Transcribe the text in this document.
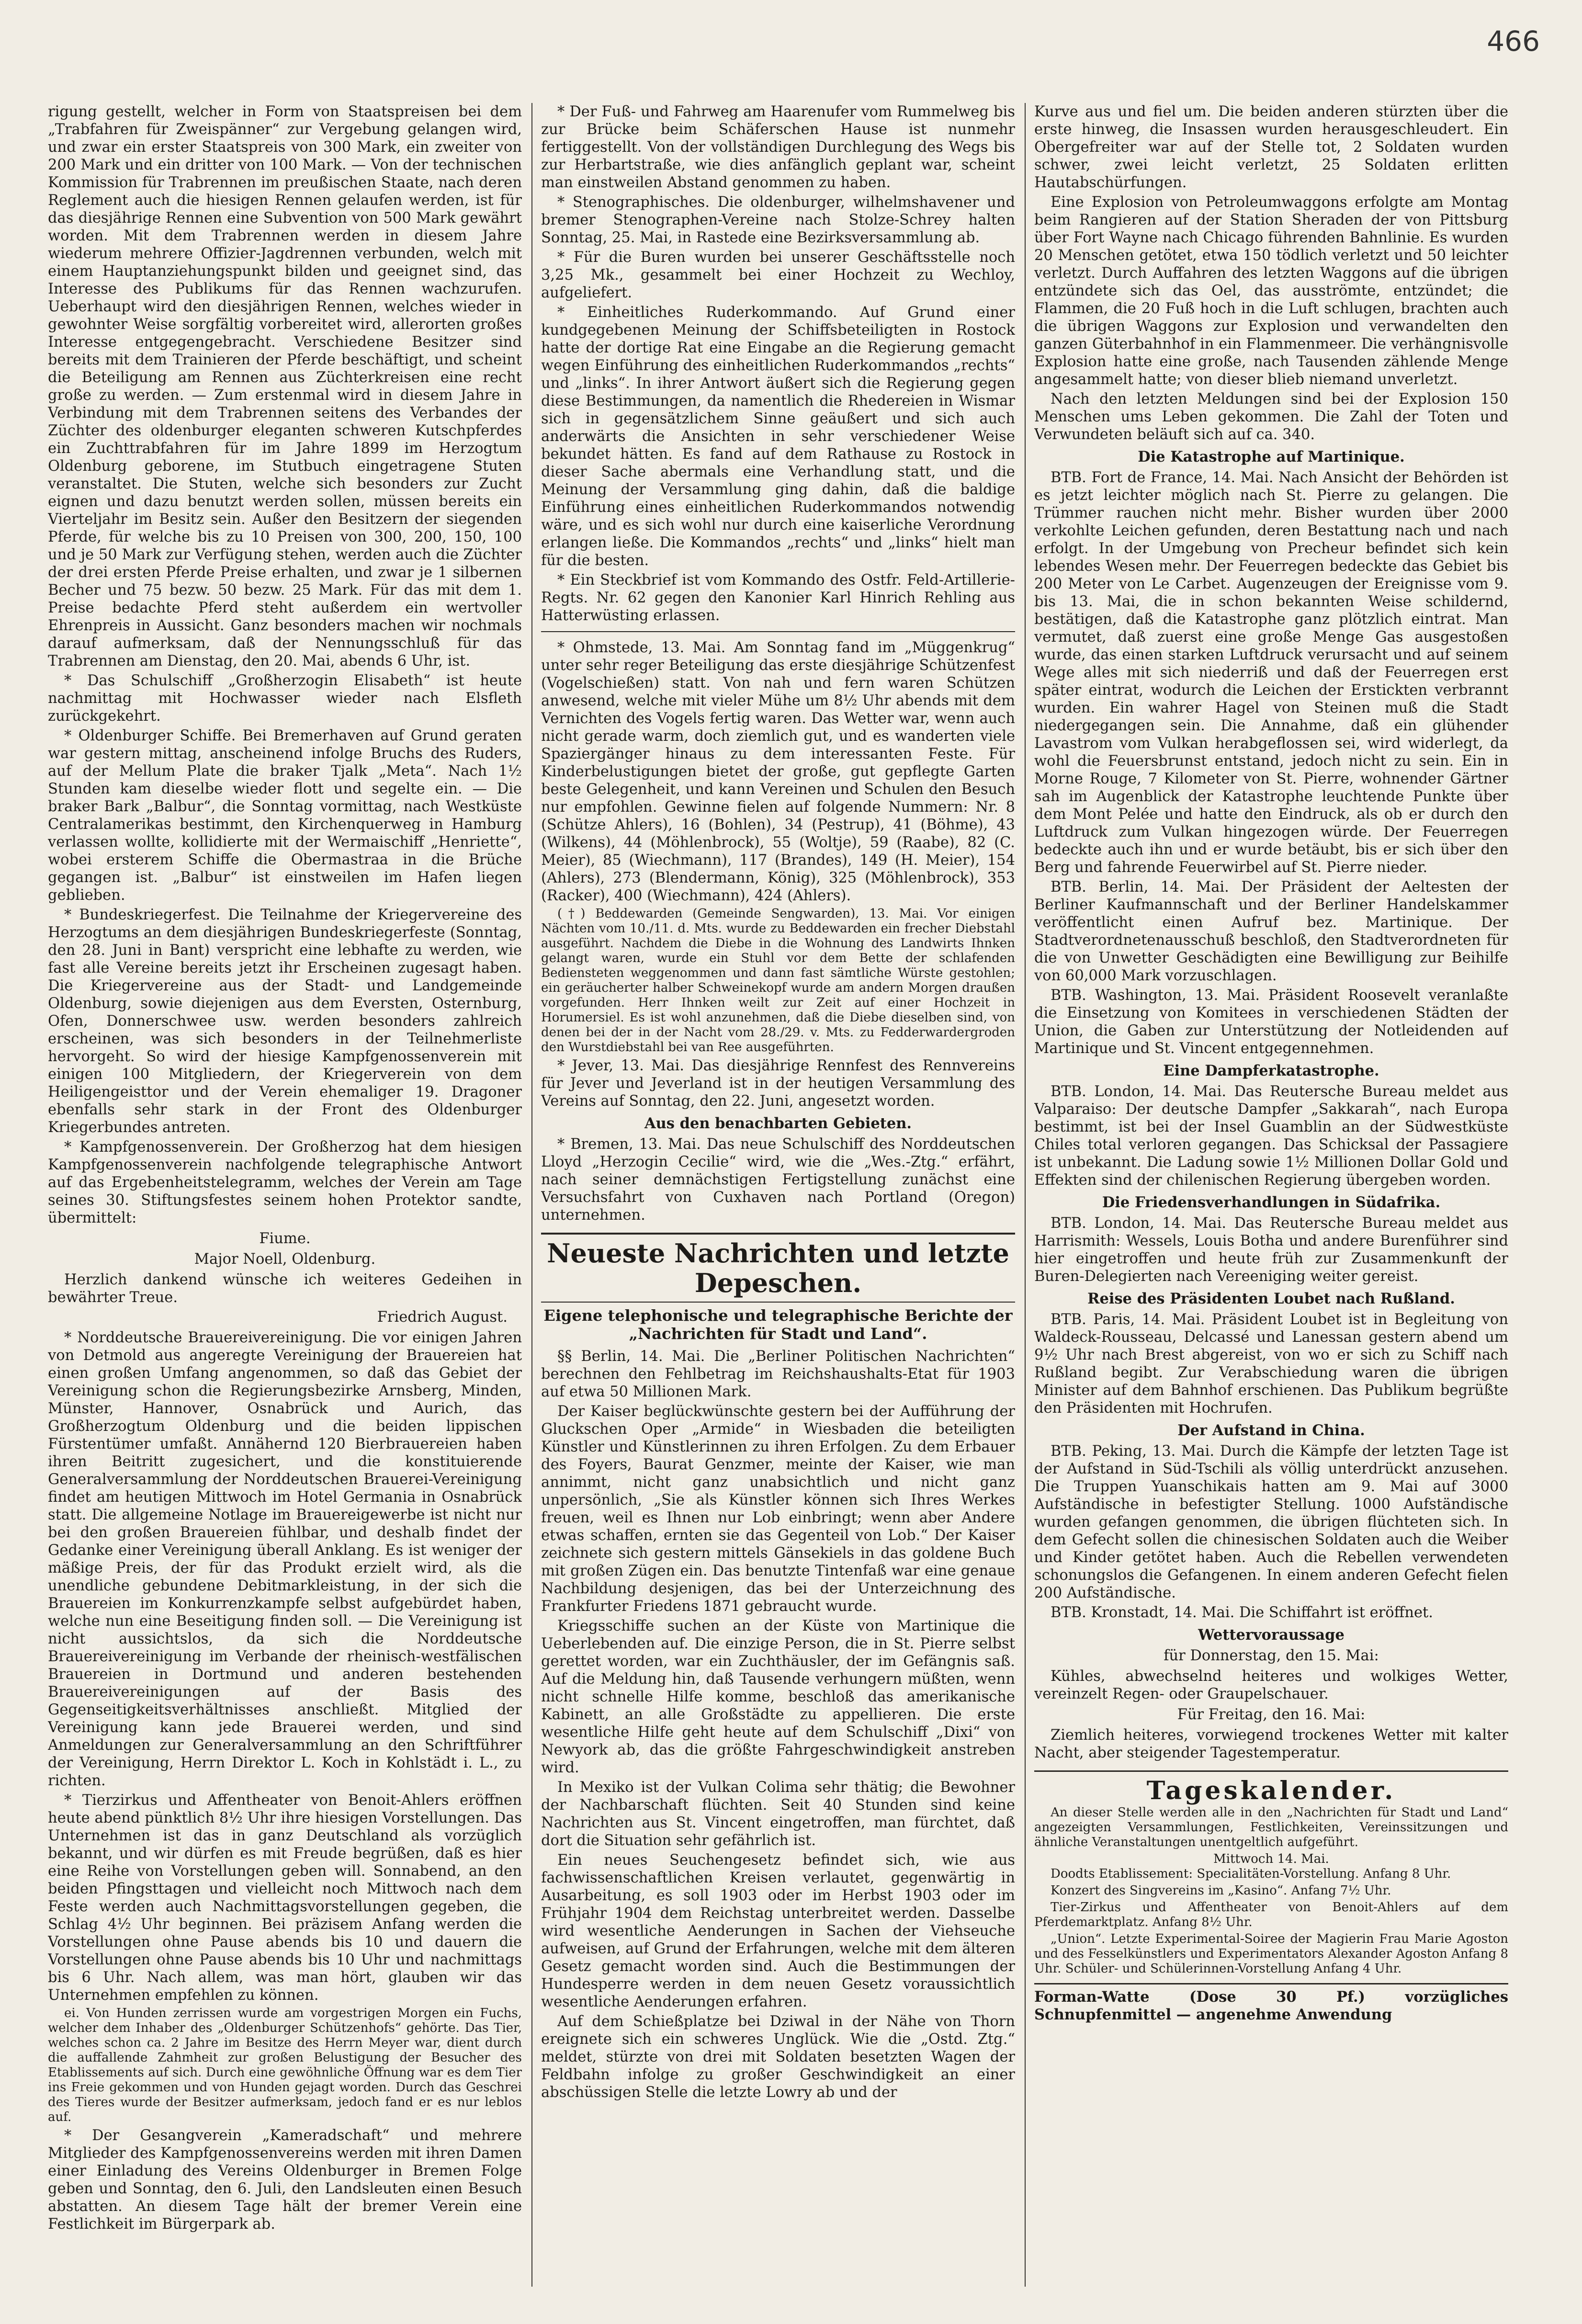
466

rigung gestellt, welcher in Form von Staatspreisen bei dem „Trabfahren für Zweispänner“ zur Vergebung gelangen wird, und zwar ein erster Staatspreis von 300 Mark, ein zweiter von 200 Mark und ein dritter von 100 Mark. — Von der technischen Kommission für Trabrennen im preußischen Staate, nach deren Reglement auch die hiesigen Rennen gelaufen werden, ist für das diesjährige Rennen eine Subvention von 500 Mark gewährt worden. Mit dem Trabrennen werden in diesem Jahre wiederum mehrere Offizier-Jagdrennen verbunden, welch mit einem Hauptanziehungspunkt bilden und geeignet sind, das Interesse des Publikums für das Rennen wachzurufen. Ueberhaupt wird den diesjährigen Rennen, welches wieder in gewohnter Weise sorgfältig vorbereitet wird, allerorten großes Interesse entgegengebracht. Verschiedene Besitzer sind bereits mit dem Trainieren der Pferde beschäftigt, und scheint die Beteiligung am Rennen aus Züchterkreisen eine recht große zu werden. — Zum erstenmal wird in diesem Jahre in Verbindung mit dem Trabrennen seitens des Verbandes der Züchter des oldenburger eleganten schweren Kutschpferdes ein Zuchttrabfahren für im Jahre 1899 im Herzogtum Oldenburg geborene, im Stutbuch eingetragene Stuten veranstaltet. Die Stuten, welche sich besonders zur Zucht eignen und dazu benutzt werden sollen, müssen bereits ein Vierteljahr im Besitz sein. Außer den Besitzern der siegenden Pferde, für welche bis zu 10 Preisen von 300, 200, 150, 100 und je 50 Mark zur Verfügung stehen, werden auch die Züchter der drei ersten Pferde Preise erhalten, und zwar je 1 silbernen Becher und 75 bezw. 50 bezw. 25 Mark. Für das mit dem 1. Preise bedachte Pferd steht außerdem ein wertvoller Ehrenpreis in Aussicht. Ganz besonders machen wir nochmals darauf aufmerksam, daß der Nennungsschluß für das Trabrennen am Dienstag, den 20. Mai, abends 6 Uhr, ist.

* Das Schulschiff „Großherzogin Elisabeth“ ist heute nachmittag mit Hochwasser wieder nach Elsfleth zurückgekehrt.

* Oldenburger Schiffe. Bei Bremerhaven auf Grund geraten war gestern mittag, anscheinend infolge Bruchs des Ruders, auf der Mellum Plate die braker Tjalk „Meta“. Nach 1½ Stunden kam dieselbe wieder flott und segelte ein. — Die braker Bark „Balbur“, die Sonntag vormittag, nach Westküste Centralamerikas bestimmt, den Kirchenquerweg in Hamburg verlassen wollte, kollidierte mit der Wermaischiff „Henriette“, wobei ersterem Schiffe die Obermastraa in die Brüche gegangen ist. „Balbur“ ist einstweilen im Hafen liegen geblieben.

* Bundeskriegerfest. Die Teilnahme der Kriegervereine des Herzogtums an dem diesjährigen Bundeskriegerfeste (Sonntag, den 28. Juni in Bant) verspricht eine lebhafte zu werden, wie fast alle Vereine bereits jetzt ihr Erscheinen zugesagt haben. Die Kriegervereine aus der Stadt- und Landgemeinde Oldenburg, sowie diejenigen aus dem Eversten, Osternburg, Ofen, Donnerschwee usw. werden besonders zahlreich erscheinen, was sich besonders in der Teilnehmerliste hervorgeht. So wird der hiesige Kampfgenossenverein mit einigen 100 Mitgliedern, der Kriegerverein von dem Heiligengeisttor und der Verein ehemaliger 19. Dragoner ebenfalls sehr stark in der Front des Oldenburger Kriegerbundes antreten.

* Kampfgenossenverein. Der Großherzog hat dem hiesigen Kampfgenossenverein nachfolgende telegraphische Antwort auf das Ergebenheitstelegramm, welches der Verein am Tage seines 30. Stiftungsfestes seinem hohen Protektor sandte, übermittelt:

Fiume.
Major Noell, Oldenburg.

Herzlich dankend wünsche ich weiteres Gedeihen in bewährter Treue.

Friedrich August.

* Norddeutsche Brauereivereinigung. Die vor einigen Jahren von Detmold aus angeregte Vereinigung der Brauereien hat einen großen Umfang angenommen, so daß das Gebiet der Vereinigung schon die Regierungsbezirke Arnsberg, Minden, Münster, Hannover, Osnabrück und Aurich, das Großherzogtum Oldenburg und die beiden lippischen Fürstentümer umfaßt. Annähernd 120 Bierbrauereien haben ihren Beitritt zugesichert, und die konstituierende Generalversammlung der Norddeutschen Brauerei-Vereinigung findet am heutigen Mittwoch im Hotel Germania in Osnabrück statt. Die allgemeine Notlage im Brauereigewerbe ist nicht nur bei den großen Brauereien fühlbar, und deshalb findet der Gedanke einer Vereinigung überall Anklang. Es ist weniger der mäßige Preis, der für das Produkt erzielt wird, als die unendliche gebundene Debitmarkleistung, in der sich die Brauereien im Konkurrenzkampfe selbst aufgebürdet haben, welche nun eine Beseitigung finden soll. — Die Vereinigung ist nicht aussichtslos, da sich die Norddeutsche Brauereivereinigung im Verbande der rheinisch-westfälischen Brauereien in Dortmund und anderen bestehenden Brauereivereinigungen auf der Basis des Gegenseitigkeitsverhältnisses anschließt. Mitglied der Vereinigung kann jede Brauerei werden, und sind Anmeldungen zur Generalversammlung an den Schriftführer der Vereinigung, Herrn Direktor L. Koch in Kohlstädt i. L., zu richten.

* Tierzirkus und Affentheater von Benoit-Ahlers eröffnen heute abend pünktlich 8½ Uhr ihre hiesigen Vorstellungen. Das Unternehmen ist das in ganz Deutschland als vorzüglich bekannt, und wir dürfen es mit Freude begrüßen, daß es hier eine Reihe von Vorstellungen geben will. Sonnabend, an den beiden Pfingsttagen und vielleicht noch Mittwoch nach dem Feste werden auch Nachmittagsvorstellungen gegeben, die Schlag 4½ Uhr beginnen. Bei präzisem Anfang werden die Vorstellungen ohne Pause abends bis 10 und dauern die Vorstellungen ohne Pause abends bis 10 Uhr und nachmittags bis 6 Uhr. Nach allem, was man hört, glauben wir das Unternehmen empfehlen zu können.

ei. Von Hunden zerrissen wurde am vorgestrigen Morgen ein Fuchs, welcher dem Inhaber des „Oldenburger Schützenhofs“ gehörte. Das Tier, welches schon ca. 2 Jahre im Besitze des Herrn Meyer war, dient durch die auffallende Zahmheit zur großen Belustigung der Besucher des Etablissements auf sich. Durch eine gewöhnliche Öffnung war es dem Tier ins Freie gekommen und von Hunden gejagt worden. Durch das Geschrei des Tieres wurde der Besitzer aufmerksam, jedoch fand er es nur leblos auf.

* Der Gesangverein „Kameradschaft“ und mehrere Mitglieder des Kampfgenossenvereins werden mit ihren Damen einer Einladung des Vereins Oldenburger in Bremen Folge geben und Sonntag, den 6. Juli, den Landsleuten einen Besuch abstatten. An diesem Tage hält der bremer Verein eine Festlichkeit im Bürgerpark ab.

* Der Fuß- und Fahrweg am Haarenufer vom Rummelweg bis zur Brücke beim Schäferschen Hause ist nunmehr fertiggestellt. Von der vollständigen Durchlegung des Wegs bis zur Herbartstraße, wie dies anfänglich geplant war, scheint man einstweilen Abstand genommen zu haben.

* Stenographisches. Die oldenburger, wilhelmshavener und bremer Stenographen-Vereine nach Stolze-Schrey halten Sonntag, 25. Mai, in Rastede eine Bezirksversammlung ab.

* Für die Buren wurden bei unserer Geschäftsstelle noch 3,25 Mk., gesammelt bei einer Hochzeit zu Wechloy, aufgeliefert.

* Einheitliches Ruderkommando. Auf Grund einer kundgegebenen Meinung der Schiffsbeteiligten in Rostock hatte der dortige Rat eine Eingabe an die Regierung gemacht wegen Einführung des einheitlichen Ruderkommandos „rechts“ und „links“. In ihrer Antwort äußert sich die Regierung gegen diese Bestimmungen, da namentlich die Rhedereien in Wismar sich in gegensätzlichem Sinne geäußert und sich auch anderwärts die Ansichten in sehr verschiedener Weise bekundet hätten. Es fand auf dem Rathause zu Rostock in dieser Sache abermals eine Verhandlung statt, und die Meinung der Versammlung ging dahin, daß die baldige Einführung eines einheitlichen Ruderkommandos notwendig wäre, und es sich wohl nur durch eine kaiserliche Verordnung erlangen ließe. Die Kommandos „rechts“ und „links“ hielt man für die besten.

* Ein Steckbrief ist vom Kommando des Ostfr. Feld-Artillerie-Regts. Nr. 62 gegen den Kanonier Karl Hinrich Rehling aus Hatterwüsting erlassen.

* Ohmstede, 13. Mai. Am Sonntag fand im „Müggenkrug“ unter sehr reger Beteiligung das erste diesjährige Schützenfest (Vogelschießen) statt. Von nah und fern waren Schützen anwesend, welche mit vieler Mühe um 8½ Uhr abends mit dem Vernichten des Vogels fertig waren. Das Wetter war, wenn auch nicht gerade warm, doch ziemlich gut, und es wanderten viele Spaziergänger hinaus zu dem interessanten Feste. Für Kinderbelustigungen bietet der große, gut gepflegte Garten beste Gelegenheit, und kann Vereinen und Schulen den Besuch nur empfohlen. Gewinne fielen auf folgende Nummern: Nr. 8 (Schütze Ahlers), 16 (Bohlen), 34 (Pestrup), 41 (Böhme), 43 (Wilkens), 44 (Möhlenbrock), 55 (Woltje), 59 (Raabe), 82 (C. Meier), 85 (Wiechmann), 117 (Brandes), 149 (H. Meier), 154 (Ahlers), 273 (Blendermann, König), 325 (Möhlenbrock), 353 (Racker), 400 (Wiechmann), 424 (Ahlers).

(†) Beddewarden (Gemeinde Sengwarden), 13. Mai. Vor einigen Nächten vom 10./11. d. Mts. wurde zu Beddewarden ein frecher Diebstahl ausgeführt. Nachdem die Diebe in die Wohnung des Landwirts Ihnken gelangt waren, wurde ein Stuhl vor dem Bette der schlafenden Bediensteten weggenommen und dann fast sämtliche Würste gestohlen; ein geräucherter halber Schweinekopf wurde am andern Morgen draußen vorgefunden. Herr Ihnken weilt zur Zeit auf einer Hochzeit in Horumersiel. Es ist wohl anzunehmen, daß die Diebe dieselben sind, von denen bei der in der Nacht vom 28./29. v. Mts. zu Fedderwardergroden den Wurstdiebstahl bei van Ree ausgeführten.

* Jever, 13. Mai. Das diesjährige Rennfest des Rennvereins für Jever und Jeverland ist in der heutigen Versammlung des Vereins auf Sonntag, den 22. Juni, angesetzt worden.

Aus den benachbarten Gebieten.

* Bremen, 13. Mai. Das neue Schulschiff des Norddeutschen Lloyd „Herzogin Cecilie“ wird, wie die „Wes.-Ztg.“ erfährt, nach seiner demnächstigen Fertigstellung zunächst eine Versuchsfahrt von Cuxhaven nach Portland (Oregon) unternehmen.

Neueste Nachrichten und letzte Depeschen.
Eigene telephonische und telegraphische Berichte der „Nachrichten für Stadt und Land“.

§§ Berlin, 14. Mai. Die „Berliner Politischen Nachrichten“ berechnen den Fehlbetrag im Reichshaushalts-Etat für 1903 auf etwa 50 Millionen Mark.

Der Kaiser beglückwünschte gestern bei der Aufführung der Gluckschen Oper „Armide“ in Wiesbaden die beteiligten Künstler und Künstlerinnen zu ihren Erfolgen. Zu dem Erbauer des Foyers, Baurat Genzmer, meinte der Kaiser, wie man annimmt, nicht ganz unabsichtlich und nicht ganz unpersönlich, „Sie als Künstler können sich Ihres Werkes freuen, weil es Ihnen nur Lob einbringt; wenn aber Andere etwas schaffen, ernten sie das Gegenteil von Lob.“ Der Kaiser zeichnete sich gestern mittels Gänsekiels in das goldene Buch mit großen Zügen ein. Das benutzte Tintenfaß war eine genaue Nachbildung desjenigen, das bei der Unterzeichnung des Frankfurter Friedens 1871 gebraucht wurde.

Kriegsschiffe suchen an der Küste von Martinique die Ueberlebenden auf. Die einzige Person, die in St. Pierre selbst gerettet worden, war ein Zuchthäusler, der im Gefängnis saß. Auf die Meldung hin, daß Tausende verhungern müßten, wenn nicht schnelle Hilfe komme, beschloß das amerikanische Kabinett, an alle Großstädte zu appellieren. Die erste wesentliche Hilfe geht heute auf dem Schulschiff „Dixi“ von Newyork ab, das die größte Fahrgeschwindigkeit anstreben wird.

In Mexiko ist der Vulkan Colima sehr thätig; die Bewohner der Nachbarschaft flüchten. Seit 40 Stunden sind keine Nachrichten aus St. Vincent eingetroffen, man fürchtet, daß dort die Situation sehr gefährlich ist.

Ein neues Seuchengesetz befindet sich, wie aus fachwissenschaftlichen Kreisen verlautet, gegenwärtig in Ausarbeitung, es soll 1903 oder im Herbst 1903 oder im Frühjahr 1904 dem Reichstag unterbreitet werden. Dasselbe wird wesentliche Aenderungen in Sachen der Viehseuche aufweisen, auf Grund der Erfahrungen, welche mit dem älteren Gesetz gemacht worden sind. Auch die Bestimmungen der Hundesperre werden in dem neuen Gesetz voraussichtlich wesentliche Aenderungen erfahren.

Auf dem Schießplatze bei Dziwal in der Nähe von Thorn ereignete sich ein schweres Unglück. Wie die „Ostd. Ztg.“ meldet, stürzte von drei mit Soldaten besetzten Wagen der Feldbahn infolge zu großer Geschwindigkeit an einer abschüssigen Stelle die letzte Lowry ab und der

Kurve aus und fiel um. Die beiden anderen stürzten über die erste hinweg, die Insassen wurden herausgeschleudert. Ein Obergefreiter war auf der Stelle tot, 2 Soldaten wurden schwer, zwei leicht verletzt, 25 Soldaten erlitten Hautabschürfungen.

Eine Explosion von Petroleumwaggons erfolgte am Montag beim Rangieren auf der Station Sheraden der von Pittsburg über Fort Wayne nach Chicago führenden Bahnlinie. Es wurden 20 Menschen getötet, etwa 150 tödlich verletzt und 50 leichter verletzt. Durch Auffahren des letzten Waggons auf die übrigen entzündete sich das Oel, das ausströmte, entzündet; die Flammen, die 20 Fuß hoch in die Luft schlugen, brachten auch die übrigen Waggons zur Explosion und verwandelten den ganzen Güterbahnhof in ein Flammenmeer. Die verhängnisvolle Explosion hatte eine große, nach Tausenden zählende Menge angesammelt hatte; von dieser blieb niemand unverletzt.

Nach den letzten Meldungen sind bei der Explosion 150 Menschen ums Leben gekommen. Die Zahl der Toten und Verwundeten beläuft sich auf ca. 340.

Die Katastrophe auf Martinique.

BTB. Fort de France, 14. Mai. Nach Ansicht der Behörden ist es jetzt leichter möglich nach St. Pierre zu gelangen. Die Trümmer rauchen nicht mehr. Bisher wurden über 2000 verkohlte Leichen gefunden, deren Bestattung nach und nach erfolgt. In der Umgebung von Precheur befindet sich kein lebendes Wesen mehr. Der Feuerregen bedeckte das Gebiet bis 200 Meter von Le Carbet. Augenzeugen der Ereignisse vom 9. bis 13. Mai, die in schon bekannten Weise schildernd, bestätigen, daß die Katastrophe ganz plötzlich eintrat. Man vermutet, daß zuerst eine große Menge Gas ausgestoßen wurde, das einen starken Luftdruck verursacht und auf seinem Wege alles mit sich niederriß und daß der Feuerregen erst später eintrat, wodurch die Leichen der Erstickten verbrannt wurden. Ein wahrer Hagel von Steinen muß die Stadt niedergegangen sein. Die Annahme, daß ein glühender Lavastrom vom Vulkan herabgeflossen sei, wird widerlegt, da wohl die Feuersbrunst entstand, jedoch nicht zu sein. Ein in Morne Rouge, 7 Kilometer von St. Pierre, wohnender Gärtner sah im Augenblick der Katastrophe leuchtende Punkte über dem Mont Pelée und hatte den Eindruck, als ob er durch den Luftdruck zum Vulkan hingezogen würde. Der Feuerregen bedeckte auch ihn und er wurde betäubt, bis er sich über den Berg und fahrende Feuerwirbel auf St. Pierre nieder.

BTB. Berlin, 14. Mai. Der Präsident der Aeltesten der Berliner Kaufmannschaft und der Berliner Handelskammer veröffentlicht einen Aufruf bez. Martinique. Der Stadtverordnetenausschuß beschloß, den Stadtverordneten für die von Unwetter Geschädigten eine Bewilligung zur Beihilfe von 60,000 Mark vorzuschlagen.

BTB. Washington, 13. Mai. Präsident Roosevelt veranlaßte die Einsetzung von Komitees in verschiedenen Städten der Union, die Gaben zur Unterstützung der Notleidenden auf Martinique und St. Vincent entgegennehmen.

Eine Dampferkatastrophe.

BTB. London, 14. Mai. Das Reutersche Bureau meldet aus Valparaiso: Der deutsche Dampfer „Sakkarah“, nach Europa bestimmt, ist bei der Insel Guamblin an der Südwestküste Chiles total verloren gegangen. Das Schicksal der Passagiere ist unbekannt. Die Ladung sowie 1½ Millionen Dollar Gold und Effekten sind der chilenischen Regierung übergeben worden.

Die Friedensverhandlungen in Südafrika.

BTB. London, 14. Mai. Das Reutersche Bureau meldet aus Harrismith: Wessels, Louis Botha und andere Burenführer sind hier eingetroffen und heute früh zur Zusammenkunft der Buren-Delegierten nach Vereeniging weiter gereist.

Reise des Präsidenten Loubet nach Rußland.

BTB. Paris, 14. Mai. Präsident Loubet ist in Begleitung von Waldeck-Rousseau, Delcassé und Lanessan gestern abend um 9½ Uhr nach Brest abgereist, von wo er sich zu Schiff nach Rußland begibt. Zur Verabschiedung waren die übrigen Minister auf dem Bahnhof erschienen. Das Publikum begrüßte den Präsidenten mit Hochrufen.

Der Aufstand in China.

BTB. Peking, 13. Mai. Durch die Kämpfe der letzten Tage ist der Aufstand in Süd-Tschili als völlig unterdrückt anzusehen. Die Truppen Yuanschikais hatten am 9. Mai auf 3000 Aufständische in befestigter Stellung. 1000 Aufständische wurden gefangen genommen, die übrigen flüchteten sich. In dem Gefecht sollen die chinesischen Soldaten auch die Weiber und Kinder getötet haben. Auch die Rebellen verwendeten schonungslos die Gefangenen. In einem anderen Gefecht fielen 200 Aufständische.

BTB. Kronstadt, 14. Mai. Die Schiffahrt ist eröffnet.

Wettervoraussage
für Donnerstag, den 15. Mai:

Kühles, abwechselnd heiteres und wolkiges Wetter, vereinzelt Regen- oder Graupelschauer.

Für Freitag, den 16. Mai:

Ziemlich heiteres, vorwiegend trockenes Wetter mit kalter Nacht, aber steigender Tagestemperatur.

Tageskalender.

An dieser Stelle werden alle in den „Nachrichten für Stadt und Land“ angezeigten Versammlungen, Festlichkeiten, Vereinssitzungen und ähnliche Veranstaltungen unentgeltlich aufgeführt.

Mittwoch 14. Mai.

Doodts Etablissement: Specialitäten-Vorstellung. Anfang 8 Uhr.

Konzert des Singvereins im „Kasino“. Anfang 7½ Uhr.

Tier-Zirkus und Affentheater von Benoit-Ahlers auf dem Pferdemarktplatz. Anfang 8½ Uhr.

„Union“. Letzte Experimental-Soiree der Magierin Frau Marie Agoston und des Fesselkünstlers und Experimentators Alexander Agoston Anfang 8 Uhr. Schüler- und Schülerinnen-Vorstellung Anfang 4 Uhr.

Forman-Watte (Dose 30 Pf.) vorzügliches Schnupfenmittel — angenehme Anwendung
